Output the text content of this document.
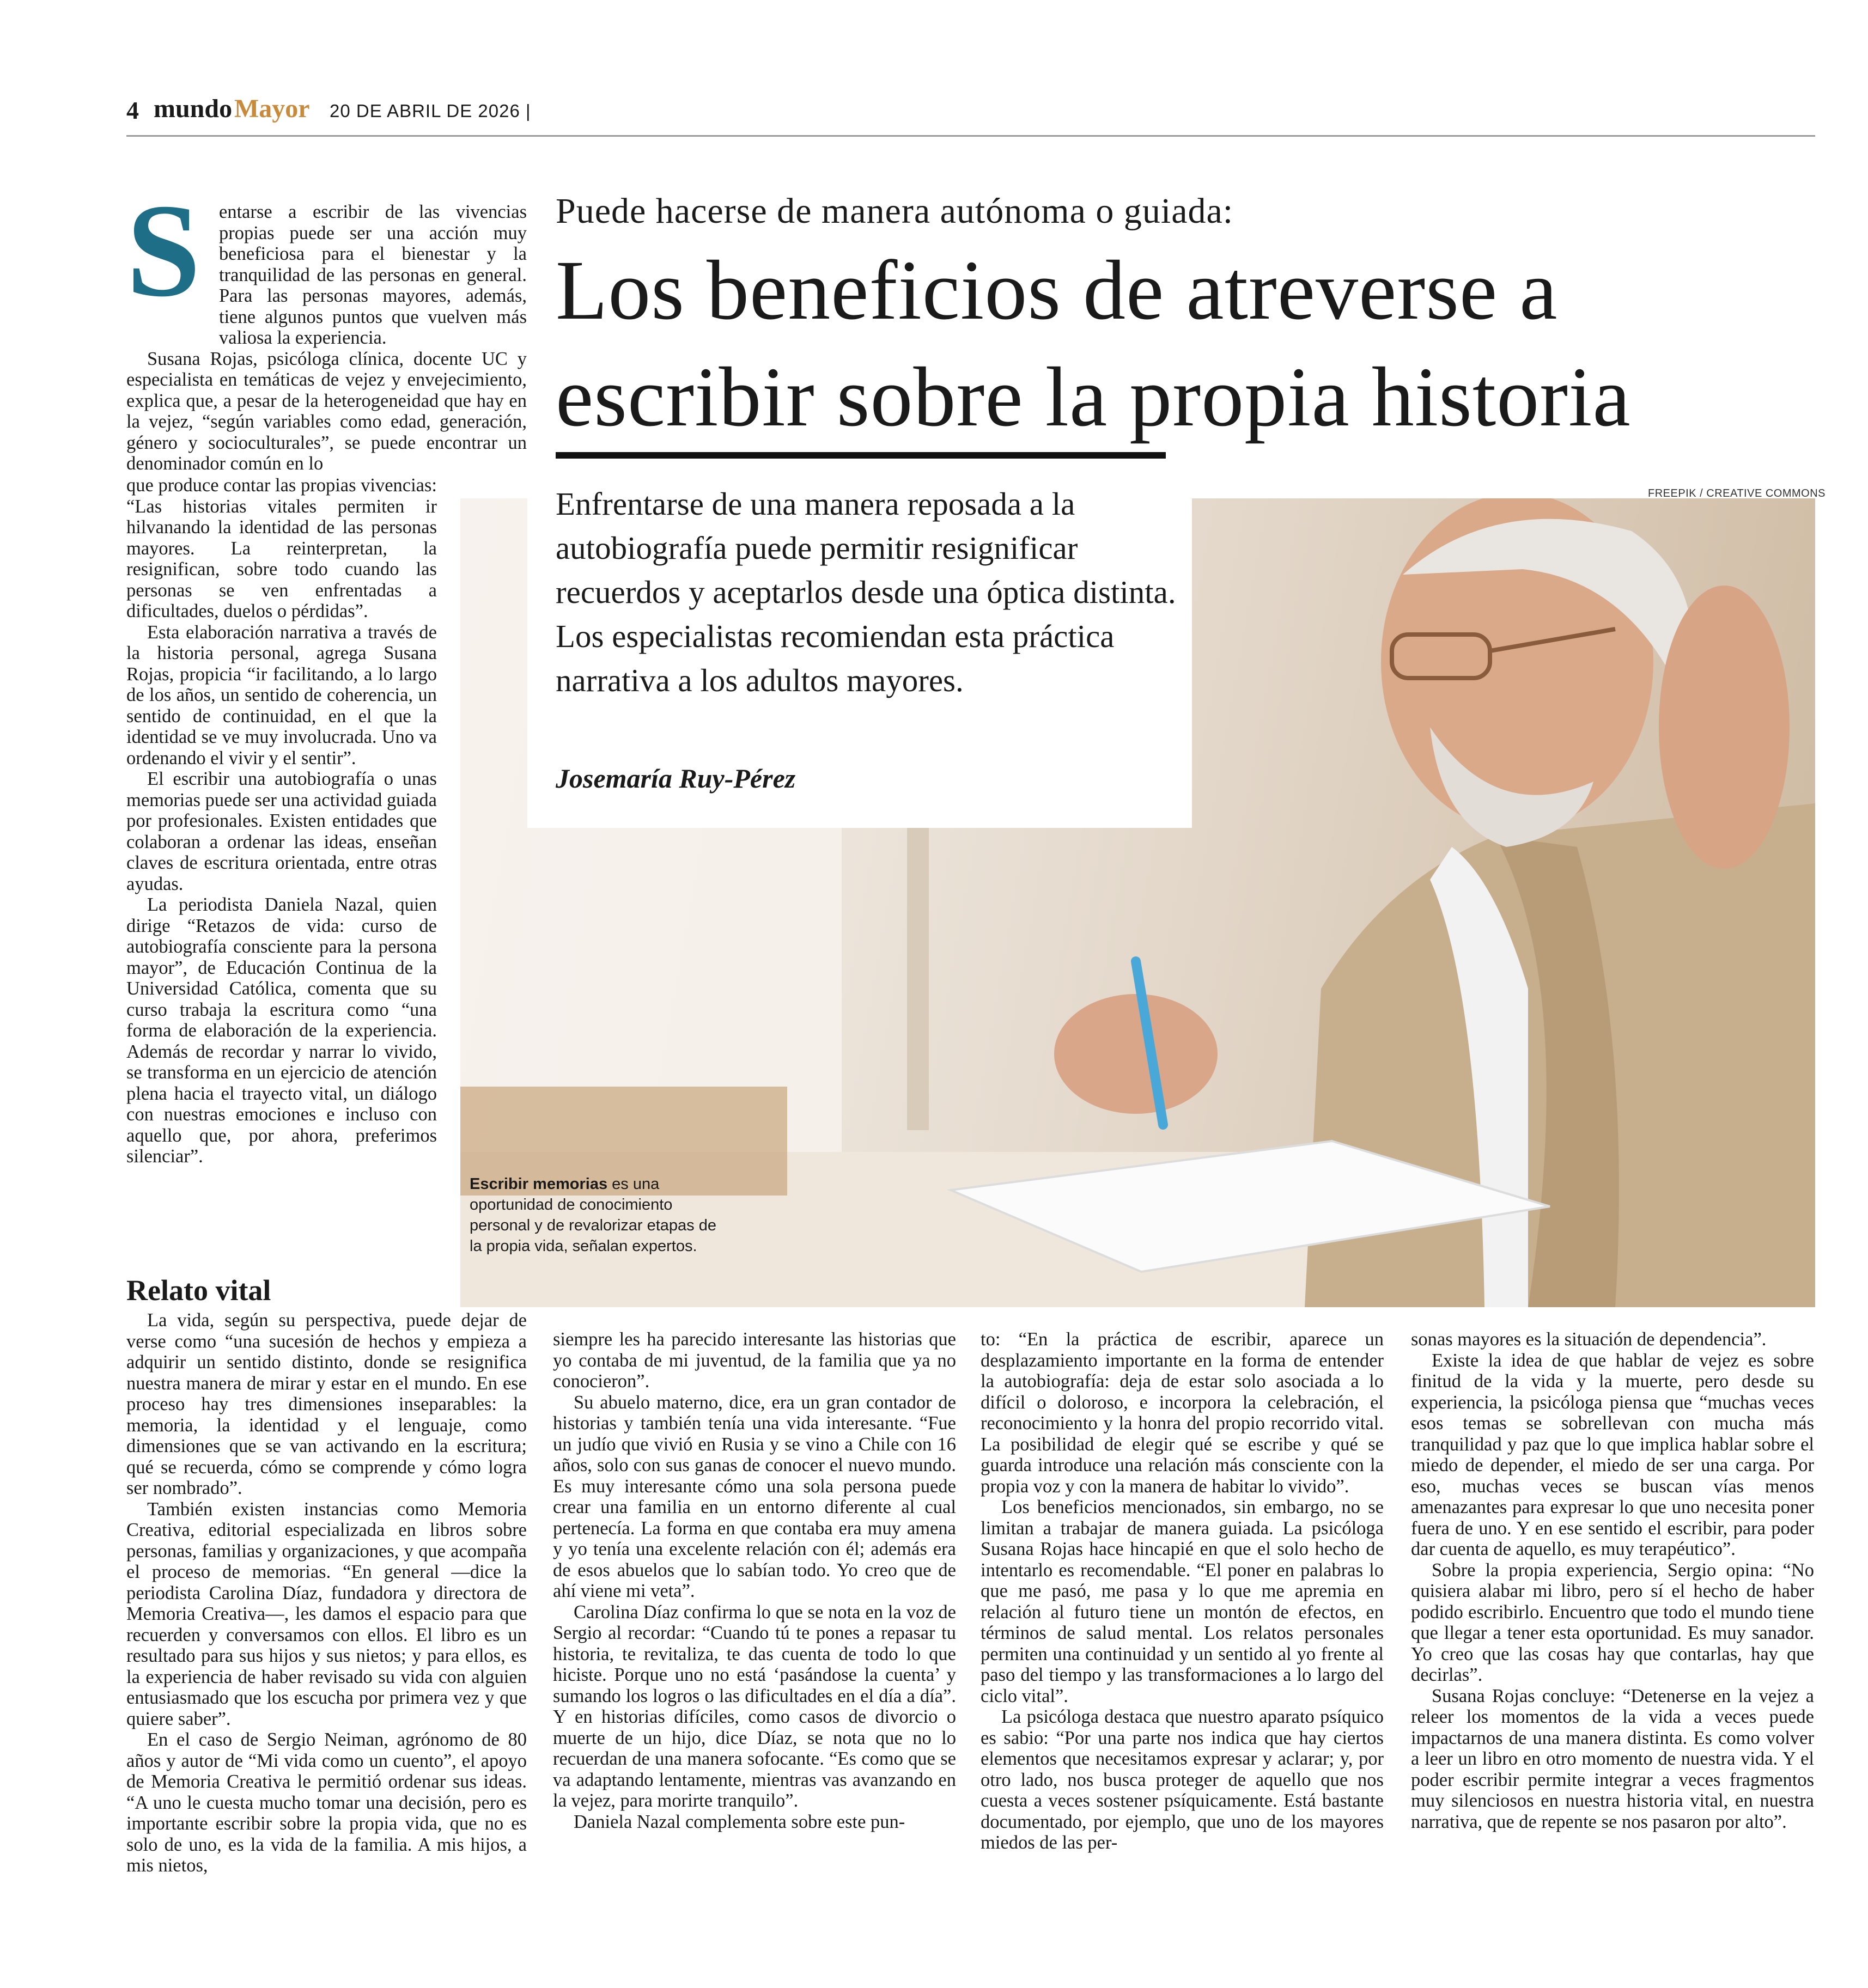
4 mundo Mayor 20 DE ABRIL DE 2026 |
Puede hacerse de manera autónoma o guiada:
Los beneficios de atreverse a escribir sobre la propia historia
FREEPIK / CREATIVE COMMONS
Enfrentarse de una manera reposada a la autobiografía puede permitir resignificar recuerdos y aceptarlos desde una óptica distinta. Los especialistas recomiendan esta práctica narrativa a los adultos mayores.
Josemaría Ruy-Pérez
Escribir memorias es una oportunidad de conocimiento personal y de revalorizar etapas de la propia vida, señalan expertos.
S entarse a escribir de las vivencias propias puede ser una acción muy beneficiosa para el bienestar y la tranquilidad de las personas en general. Para las personas mayores, además, tiene algunos puntos que vuelven más valiosa la experiencia.

Susana Rojas, psicóloga clínica, docente UC y especialista en temáticas de vejez y envejecimiento, explica que, a pesar de la heterogeneidad que hay en la vejez, “según variables como edad, generación, género y socioculturales”, se puede encontrar un denominador común en lo

que produce contar las propias vivencias: “Las historias vitales permiten ir hilvanando la identidad de las personas mayores. La reinterpretan, la resignifican, sobre todo cuando las personas se ven enfrentadas a dificultades, duelos o pérdidas”.

Esta elaboración narrativa a través de la historia personal, agrega Susana Rojas, propicia “ir facilitando, a lo largo de los años, un sentido de coherencia, un sentido de continuidad, en el que la identidad se ve muy involucrada. Uno va ordenando el vivir y el sentir”.

El escribir una autobiografía o unas memorias puede ser una actividad guiada por profesionales. Existen entidades que colaboran a ordenar las ideas, enseñan claves de escritura orientada, entre otras ayudas.

La periodista Daniela Nazal, quien dirige “Retazos de vida: curso de autobiografía consciente para la persona mayor”, de Educación Continua de la Universidad Católica, comenta que su curso trabaja la escritura como “una forma de elaboración de la experiencia. Además de recordar y narrar lo vivido, se transforma en un ejercicio de atención plena hacia el trayecto vital, un diálogo con nuestras emociones e incluso con aquello que, por ahora, preferimos silenciar”.

Relato vital

La vida, según su perspectiva, puede dejar de verse como “una sucesión de hechos y empieza a adquirir un sentido distinto, donde se resignifica nuestra manera de mirar y estar en el mundo. En ese proceso hay tres dimensiones inseparables: la memoria, la identidad y el lenguaje, como dimensiones que se van activando en la escritura; qué se recuerda, cómo se comprende y cómo logra ser nombrado”.

También existen instancias como Memoria Creativa, editorial especializada en libros sobre personas, familias y organizaciones, y que acompaña el proceso de memorias. “En general —dice la periodista Carolina Díaz, fundadora y directora de Memoria Creativa—, les damos el espacio para que recuerden y conversamos con ellos. El libro es un resultado para sus hijos y sus nietos; y para ellos, es la experiencia de haber revisado su vida con alguien entusiasmado que los escucha por primera vez y que quiere saber”.

En el caso de Sergio Neiman, agrónomo de 80 años y autor de “Mi vida como un cuento”, el apoyo de Memoria Creativa le permitió ordenar sus ideas. “A uno le cuesta mucho tomar una decisión, pero es importante escribir sobre la propia vida, que no es solo de uno, es la vida de la familia. A mis hijos, a mis nietos,

siempre les ha parecido interesante las historias que yo contaba de mi juventud, de la familia que ya no conocieron”.

Su abuelo materno, dice, era un gran contador de historias y también tenía una vida interesante. “Fue un judío que vivió en Rusia y se vino a Chile con 16 años, solo con sus ganas de conocer el nuevo mundo. Es muy interesante cómo una sola persona puede crear una familia en un entorno diferente al cual pertenecía. La forma en que contaba era muy amena y yo tenía una excelente relación con él; además era de esos abuelos que lo sabían todo. Yo creo que de ahí viene mi veta”.

Carolina Díaz confirma lo que se nota en la voz de Sergio al recordar: “Cuando tú te pones a repasar tu historia, te revitaliza, te das cuenta de todo lo que hiciste. Porque uno no está ‘pasándose la cuenta’ y sumando los logros o las dificultades en el día a día”. Y en historias difíciles, como casos de divorcio o muerte de un hijo, dice Díaz, se nota que no lo recuerdan de una manera sofocante. “Es como que se va adaptando lentamente, mientras vas avanzando en la vejez, para morirte tranquilo”.

Daniela Nazal complementa sobre este pun-

to: “En la práctica de escribir, aparece un desplazamiento importante en la forma de entender la autobiografía: deja de estar solo asociada a lo difícil o doloroso, e incorpora la celebración, el reconocimiento y la honra del propio recorrido vital. La posibilidad de elegir qué se escribe y qué se guarda introduce una relación más consciente con la propia voz y con la manera de habitar lo vivido”.

Los beneficios mencionados, sin embargo, no se limitan a trabajar de manera guiada. La psicóloga Susana Rojas hace hincapié en que el solo hecho de intentarlo es recomendable. “El poner en palabras lo que me pasó, me pasa y lo que me apremia en relación al futuro tiene un montón de efectos, en términos de salud mental. Los relatos personales permiten una continuidad y un sentido al yo frente al paso del tiempo y las transformaciones a lo largo del ciclo vital”.

La psicóloga destaca que nuestro aparato psíquico es sabio: “Por una parte nos indica que hay ciertos elementos que necesitamos expresar y aclarar; y, por otro lado, nos busca proteger de aquello que nos cuesta a veces sostener psíquicamente. Está bastante documentado, por ejemplo, que uno de los mayores miedos de las per-

sonas mayores es la situación de dependencia”.

Existe la idea de que hablar de vejez es sobre finitud de la vida y la muerte, pero desde su experiencia, la psicóloga piensa que “muchas veces esos temas se sobrellevan con mucha más tranquilidad y paz que lo que implica hablar sobre el miedo de depender, el miedo de ser una carga. Por eso, muchas veces se buscan vías menos amenazantes para expresar lo que uno necesita poner fuera de uno. Y en ese sentido el escribir, para poder dar cuenta de aquello, es muy terapéutico”.

Sobre la propia experiencia, Sergio opina: “No quisiera alabar mi libro, pero sí el hecho de haber podido escribirlo. Encuentro que todo el mundo tiene que llegar a tener esta oportunidad. Es muy sanador. Yo creo que las cosas hay que contarlas, hay que decirlas”.

Susana Rojas concluye: “Detenerse en la vejez a releer los momentos de la vida a veces puede impactarnos de una manera distinta. Es como volver a leer un libro en otro momento de nuestra vida. Y el poder escribir permite integrar a veces fragmentos muy silenciosos en nuestra historia vital, en nuestra narrativa, que de repente se nos pasaron por alto”.
